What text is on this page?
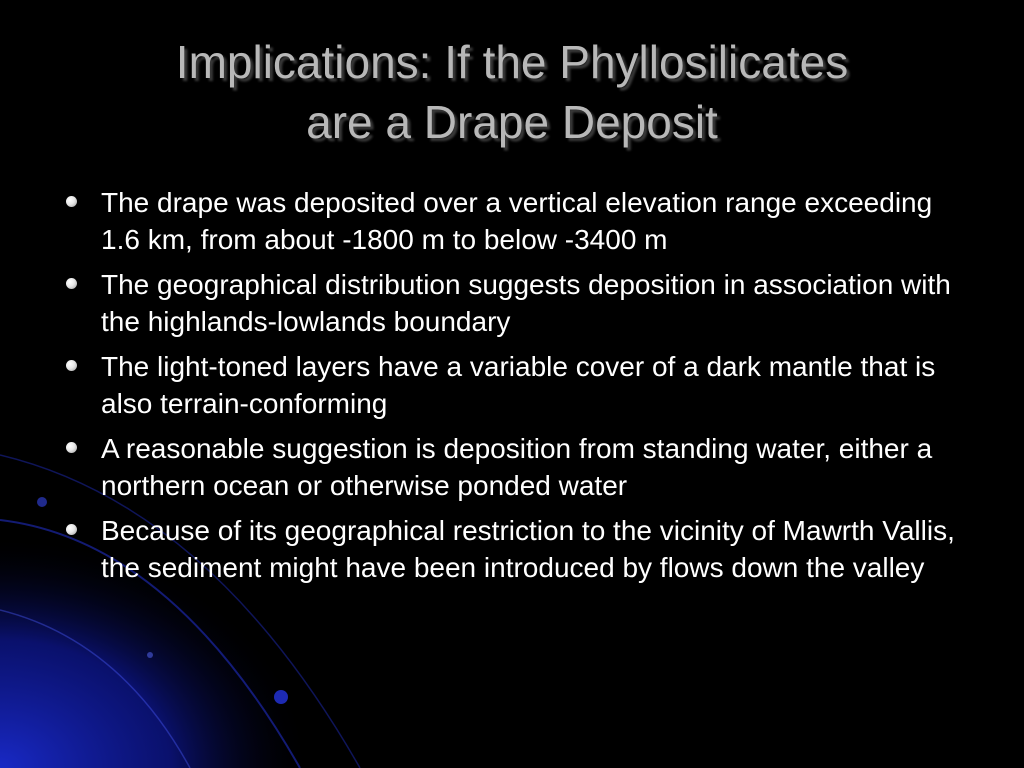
Implications: If the Phyllosilicates
are a Drape Deposit
The drape was deposited over a vertical elevation range exceeding 1.6 km, from about -1800 m to below -3400 m
The geographical distribution suggests deposition in association with the highlands-lowlands boundary
The light-toned layers have a variable cover of a dark mantle that is also terrain-conforming
A reasonable suggestion is deposition from standing water, either a northern ocean or otherwise ponded water
Because of its geographical restriction to the vicinity of Mawrth Vallis, the sediment might have been introduced by flows down the valley
